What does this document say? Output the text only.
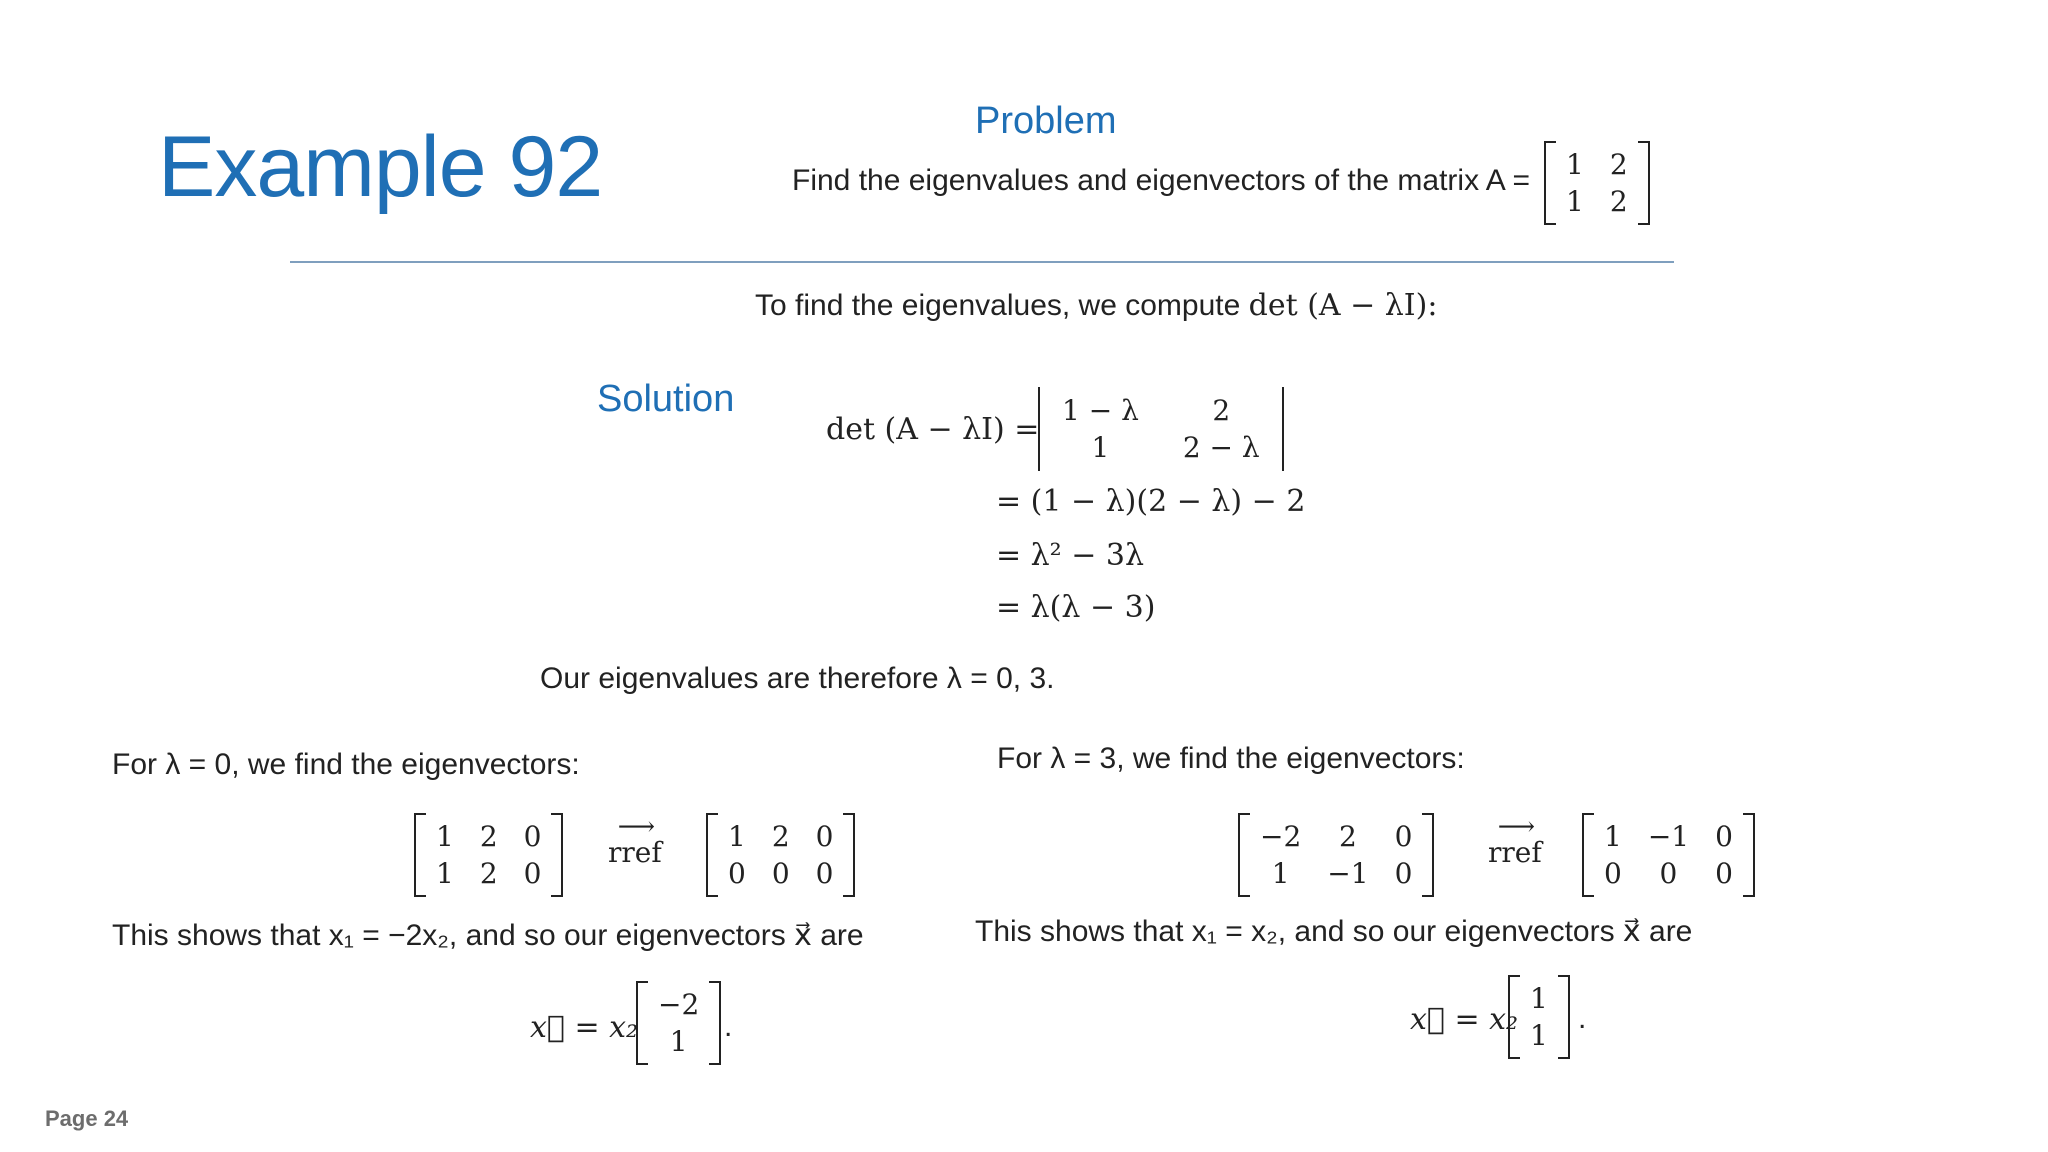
Example 92	Problem
Solution
Find the eigenvalues and eigenvectors of the matrix A = 1 2
1 2
To find the eigenvalues, we compute det (A − λI):
det (A − λI) =
1 − λ	2
1	2 − λ
= (1 − λ)(2 − λ) − 2
= λ² − 3λ
= λ(λ − 3)
Our eigenvalues are therefore λ = 0, 3.
For λ = 0, we find the eigenvectors:
1 2 0
1 2 0
⟶
rref 1 2 0
0 0 0
This shows that x₁ = −2x₂, and so our eigenvectors x⃗ are
x⃗ = x₂
−2
1	.
For λ = 3, we find the eigenvectors:
−2	2	0
1	−1 0
⟶
rref 1 −1 0
0	0	0
This shows that x₁ = x₂, and so our eigenvectors x⃗ are
x⃗ = x₂
1
1
.
Page 24
